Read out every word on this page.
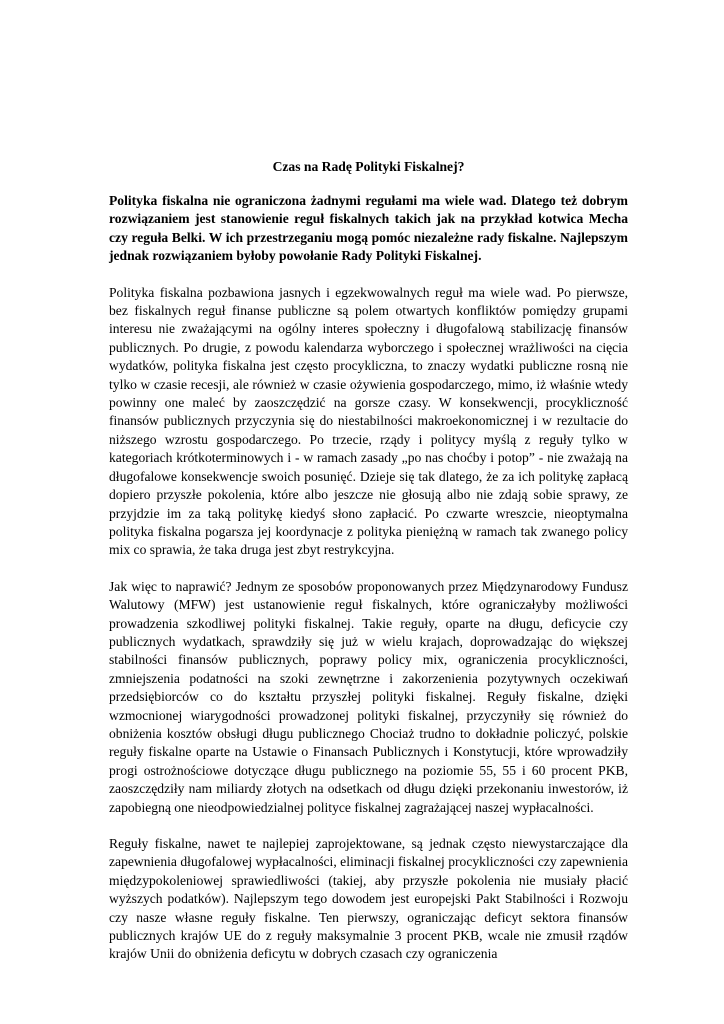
Czas na Radę Polityki Fiskalnej?

Polityka fiskalna nie ograniczona żadnymi regułami ma wiele wad. Dlatego też dobrym rozwiązaniem jest stanowienie reguł fiskalnych takich jak na przykład kotwica Mecha czy reguła Belki. W ich przestrzeganiu mogą pomóc niezależne rady fiskalne. Najlepszym jednak rozwiązaniem byłoby powołanie Rady Polityki Fiskalnej.

Polityka fiskalna pozbawiona jasnych i egzekwowalnych reguł ma wiele wad. Po pierwsze, bez fiskalnych reguł finanse publiczne są polem otwartych konfliktów pomiędzy grupami interesu nie zważającymi na ogólny interes społeczny i długofalową stabilizację finansów publicznych. Po drugie, z powodu kalendarza wyborczego i społecznej wrażliwości na cięcia wydatków, polityka fiskalna jest często procykliczna, to znaczy wydatki publiczne rosną nie tylko w czasie recesji, ale również w czasie ożywienia gospodarczego, mimo, iż właśnie wtedy powinny one maleć by zaoszczędzić na gorsze czasy. W konsekwencji, procykliczność finansów publicznych przyczynia się do niestabilności makroekonomicznej i w rezultacie do niższego wzrostu gospodarczego. Po trzecie, rządy i politycy myślą z reguły tylko w kategoriach krótkoterminowych i - w ramach zasady „po nas choćby i potop” - nie zważają na długofalowe konsekwencje swoich posunięć. Dzieje się tak dlatego, że za ich politykę zapłacą dopiero przyszłe pokolenia, które albo jeszcze nie głosują albo nie zdają sobie sprawy, ze przyjdzie im za taką politykę kiedyś słono zapłacić. Po czwarte wreszcie, nieoptymalna polityka fiskalna pogarsza jej koordynacje z polityka pieniężną w ramach tak zwanego policy mix co sprawia, że taka druga jest zbyt restrykcyjna.

Jak więc to naprawić? Jednym ze sposobów proponowanych przez Międzynarodowy Fundusz Walutowy (MFW) jest ustanowienie reguł fiskalnych, które ograniczałyby możliwości prowadzenia szkodliwej polityki fiskalnej. Takie reguły, oparte na długu, deficycie czy publicznych wydatkach, sprawdziły się już w wielu krajach, doprowadzając do większej stabilności finansów publicznych, poprawy policy mix, ograniczenia procykliczności, zmniejszenia podatności na szoki zewnętrzne i zakorzenienia pozytywnych oczekiwań przedsiębiorców co do kształtu przyszłej polityki fiskalnej. Reguły fiskalne, dzięki wzmocnionej wiarygodności prowadzonej polityki fiskalnej, przyczyniły się również do obniżenia kosztów obsługi długu publicznego Chociaż trudno to dokładnie policzyć, polskie reguły fiskalne oparte na Ustawie o Finansach Publicznych i Konstytucji, które wprowadziły progi ostrożnościowe dotyczące długu publicznego na poziomie 55, 55 i 60 procent PKB, zaoszczędziły nam miliardy złotych na odsetkach od długu dzięki przekonaniu inwestorów, iż zapobiegną one nieodpowiedzialnej polityce fiskalnej zagrażającej naszej wypłacalności.

Reguły fiskalne, nawet te najlepiej zaprojektowane, są jednak często niewystarczające dla zapewnienia długofalowej wypłacalności, eliminacji fiskalnej procykliczności czy zapewnienia międzypokoleniowej sprawiedliwości (takiej, aby przyszłe pokolenia nie musiały płacić wyższych podatków). Najlepszym tego dowodem jest europejski Pakt Stabilności i Rozwoju czy nasze własne reguły fiskalne. Ten pierwszy, ograniczając deficyt sektora finansów publicznych krajów UE do z reguły maksymalnie 3 procent PKB, wcale nie zmusił rządów krajów Unii do obniżenia deficytu w dobrych czasach czy ograniczenia
